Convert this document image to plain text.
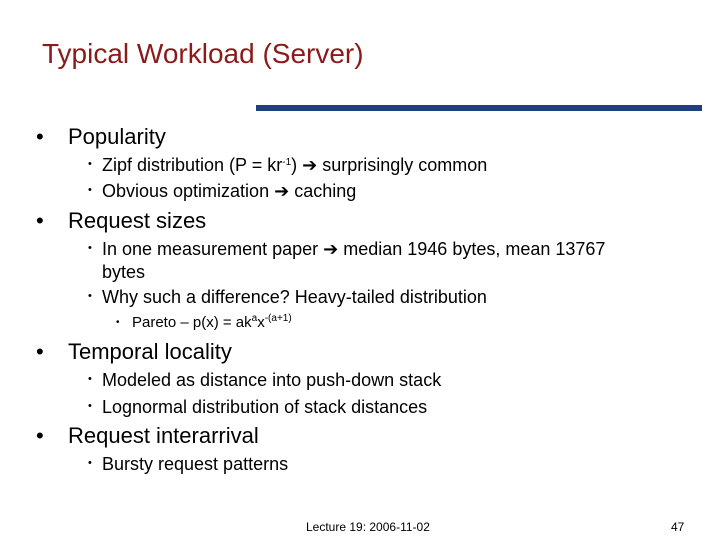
Typical Workload (Server)
• Popularity
• Zipf distribution $(P = kr^{-1})$ ➔ surprisingly common
• Obvious optimization ➔ caching
• Request sizes
• In one measurement paper ➔ median 1946 bytes, mean 13767
bytes
• Why such a difference? Heavy-tailed distribution
• Pareto – $p(x) = ak^ax^{-(a+1)}$
• Temporal locality
• Modeled as distance into push-down stack
• Lognormal distribution of stack distances
• Request interarrival
• Bursty request patterns
Lecture 19: 2006-11-02	47
